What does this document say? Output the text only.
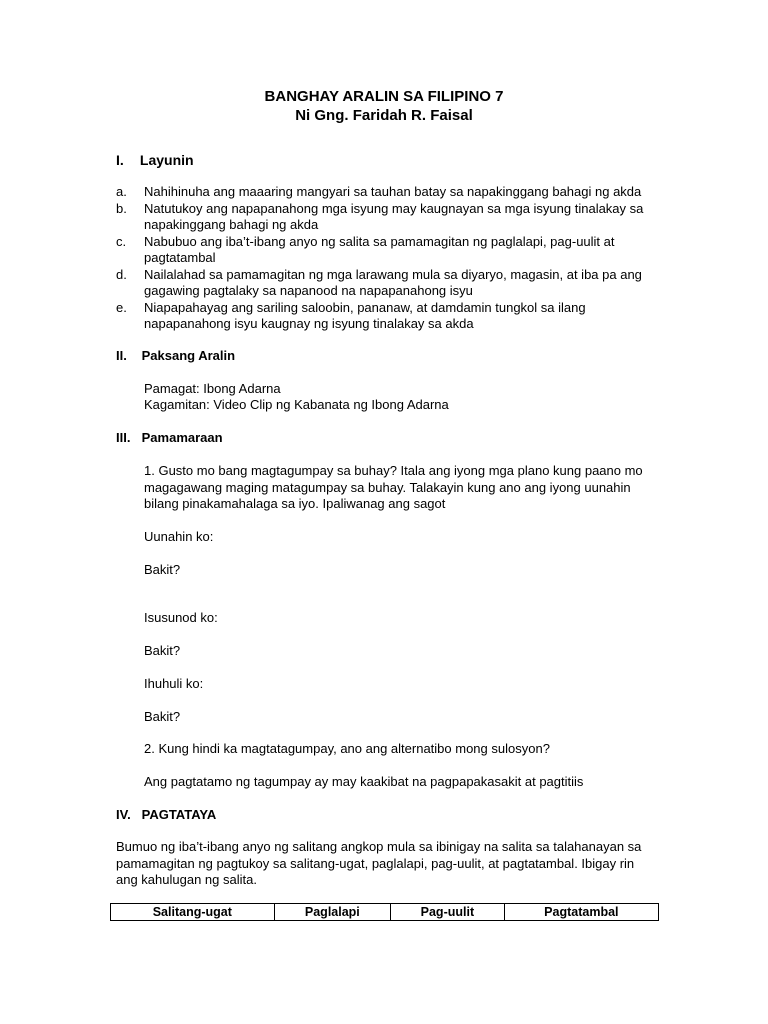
BANGHAY ARALIN SA FILIPINO 7
Ni Gng. Faridah R. Faisal
I. Layunin
a. Nahihinuha ang maaaring mangyari sa tauhan batay sa napakinggang bahagi ng akda
b. Natutukoy ang napapanahong mga isyung may kaugnayan sa mga isyung tinalakay sa napakinggang bahagi ng akda
c. Nabubuo ang iba’t-ibang anyo ng salita sa pamamagitan ng paglalapi, pag-uulit at pagtatambal
d. Nailalahad sa pamamagitan ng mga larawang mula sa diyaryo, magasin, at iba pa ang gagawing pagtalaky sa napanood na napapanahong isyu
e. Niapapahayag ang sariling saloobin, pananaw, at damdamin tungkol sa ilang napapanahong isyu kaugnay ng isyung tinalakay sa akda
II. Paksang Aralin
Pamagat: Ibong Adarna
Kagamitan: Video Clip ng Kabanata ng Ibong Adarna
III. Pamamaraan
1. Gusto mo bang magtagumpay sa buhay? Itala ang iyong mga plano kung paano mo magagawang maging matagumpay sa buhay. Talakayin kung ano ang iyong uunahin bilang pinakamahalaga sa iyo. Ipaliwanag ang sagot
Uunahin ko:
Bakit?
Isusunod ko:
Bakit?
Ihuhuli ko:
Bakit?
2. Kung hindi ka magtatagumpay, ano ang alternatibo mong sulosyon?
Ang pagtatamo ng tagumpay ay may kaakibat na pagpapakasakit at pagtitiis
IV. PAGTATAYA
Bumuo ng iba’t-ibang anyo ng salitang angkop mula sa ibinigay na salita sa talahanayan sa pamamagitan ng pagtukoy sa salitang-ugat, paglalapi, pag-uulit, at pagtatambal. Ibigay rin ang kahulugan ng salita.
Salitang-ugat	Paglalapi	Pag-uulit	Pagtatambal
